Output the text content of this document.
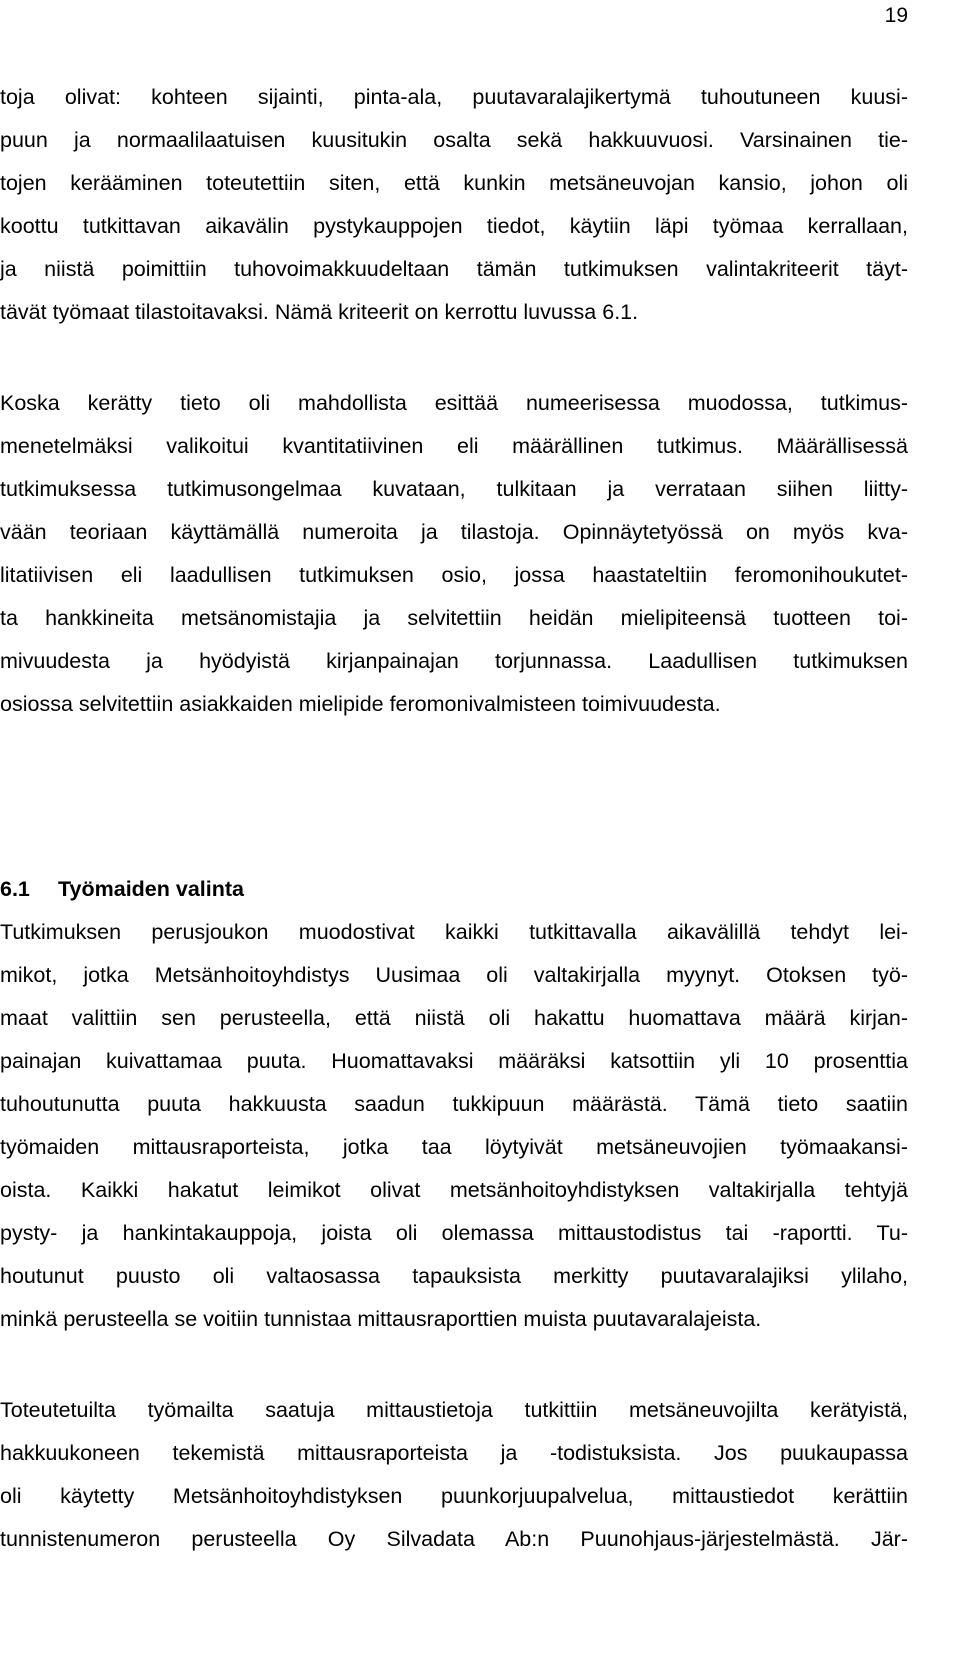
19
toja olivat: kohteen sijainti, pinta-ala, puutavaralajikertymä tuhoutuneen kuusi-
puun ja normaalilaatuisen kuusitukin osalta sekä hakkuuvuosi. Varsinainen tie-
tojen kerääminen toteutettiin siten, että kunkin metsäneuvojan kansio, johon oli
koottu tutkittavan aikavälin pystykauppojen tiedot, käytiin läpi työmaa kerrallaan,
ja niistä poimittiin tuhovoimakkuudeltaan tämän tutkimuksen valintakriteerit täyt-
tävät työmaat tilastoitavaksi. Nämä kriteerit on kerrottu luvussa 6.1.
Koska kerätty tieto oli mahdollista esittää numeerisessa muodossa, tutkimus-
menetelmäksi valikoitui kvantitatiivinen eli määrällinen tutkimus. Määrällisessä
tutkimuksessa tutkimusongelmaa kuvataan, tulkitaan ja verrataan siihen liitty-
vään teoriaan käyttämällä numeroita ja tilastoja. Opinnäytetyössä on myös kva-
litatiivisen eli laadullisen tutkimuksen osio, jossa haastateltiin feromonihoukutet-
ta hankkineita metsänomistajia ja selvitettiin heidän mielipiteensä tuotteen toi-
mivuudesta ja hyödyistä kirjanpainajan torjunnassa. Laadullisen tutkimuksen
osiossa selvitettiin asiakkaiden mielipide feromonivalmisteen toimivuudesta.
6.1 Työmaiden valinta
Tutkimuksen perusjoukon muodostivat kaikki tutkittavalla aikavälillä tehdyt lei-
mikot, jotka Metsänhoitoyhdistys Uusimaa oli valtakirjalla myynyt. Otoksen työ-
maat valittiin sen perusteella, että niistä oli hakattu huomattava määrä kirjan-
painajan kuivattamaa puuta. Huomattavaksi määräksi katsottiin yli 10 prosenttia
tuhoutunutta puuta hakkuusta saadun tukkipuun määrästä. Tämä tieto saatiin
työmaiden mittausraporteista, jotka taa löytyivät metsäneuvojien työmaakansi-
oista. Kaikki hakatut leimikot olivat metsänhoitoyhdistyksen valtakirjalla tehtyjä
pysty- ja hankintakauppoja, joista oli olemassa mittaustodistus tai -raportti. Tu-
houtunut puusto oli valtaosassa tapauksista merkitty puutavaralajiksi ylilaho,
minkä perusteella se voitiin tunnistaa mittausraporttien muista puutavaralajeista.
Toteutetuilta työmailta saatuja mittaustietoja tutkittiin metsäneuvojilta kerätyistä,
hakkuukoneen tekemistä mittausraporteista ja -todistuksista. Jos puukaupassa
oli käytetty Metsänhoitoyhdistyksen puunkorjuupalvelua, mittaustiedot kerättiin
tunnistenumeron perusteella Oy Silvadata Ab:n Puunohjaus-järjestelmästä. Jär-
